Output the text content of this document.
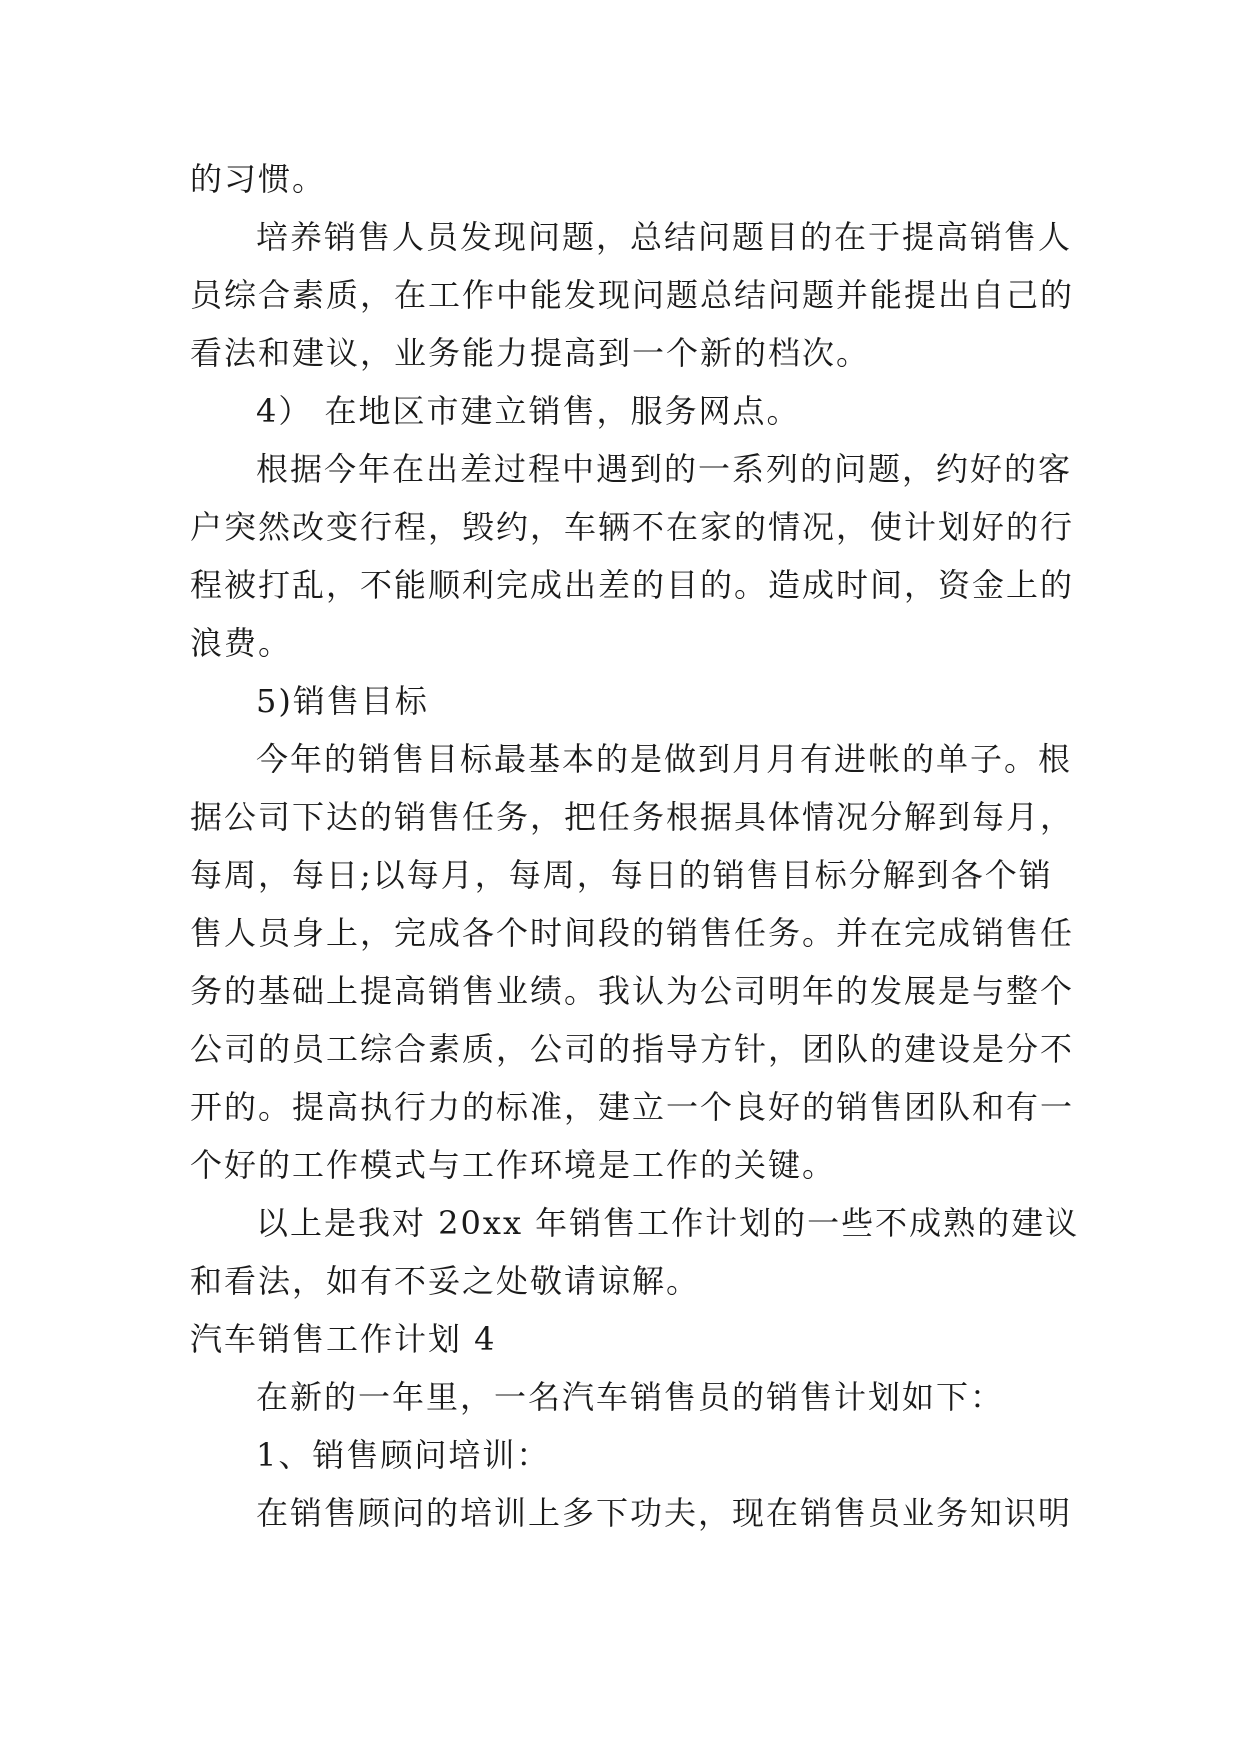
的习惯。
培养销售人员发现问题，总结问题目的在于提高销售人
员综合素质，在工作中能发现问题总结问题并能提出自己的
看法和建议，业务能力提高到一个新的档次。
4） 在地区市建立销售，服务网点。
根据今年在出差过程中遇到的一系列的问题，约好的客
户突然改变行程，毁约，车辆不在家的情况，使计划好的行
程被打乱，不能顺利完成出差的目的。造成时间，资金上的
浪费。
5)销售目标
今年的销售目标最基本的是做到月月有进帐的单子。根
据公司下达的销售任务，把任务根据具体情况分解到每月，
每周，每日;以每月，每周，每日的销售目标分解到各个销
售人员身上，完成各个时间段的销售任务。并在完成销售任
务的基础上提高销售业绩。我认为公司明年的发展是与整个
公司的员工综合素质，公司的指导方针，团队的建设是分不
开的。提高执行力的标准，建立一个良好的销售团队和有一
个好的工作模式与工作环境是工作的关键。
以上是我对 20xx 年销售工作计划的一些不成熟的建议
和看法，如有不妥之处敬请谅解。
汽车销售工作计划 4
在新的一年里，一名汽车销售员的销售计划如下：
1、销售顾问培训：
在销售顾问的培训上多下功夫，现在销售员业务知识明
